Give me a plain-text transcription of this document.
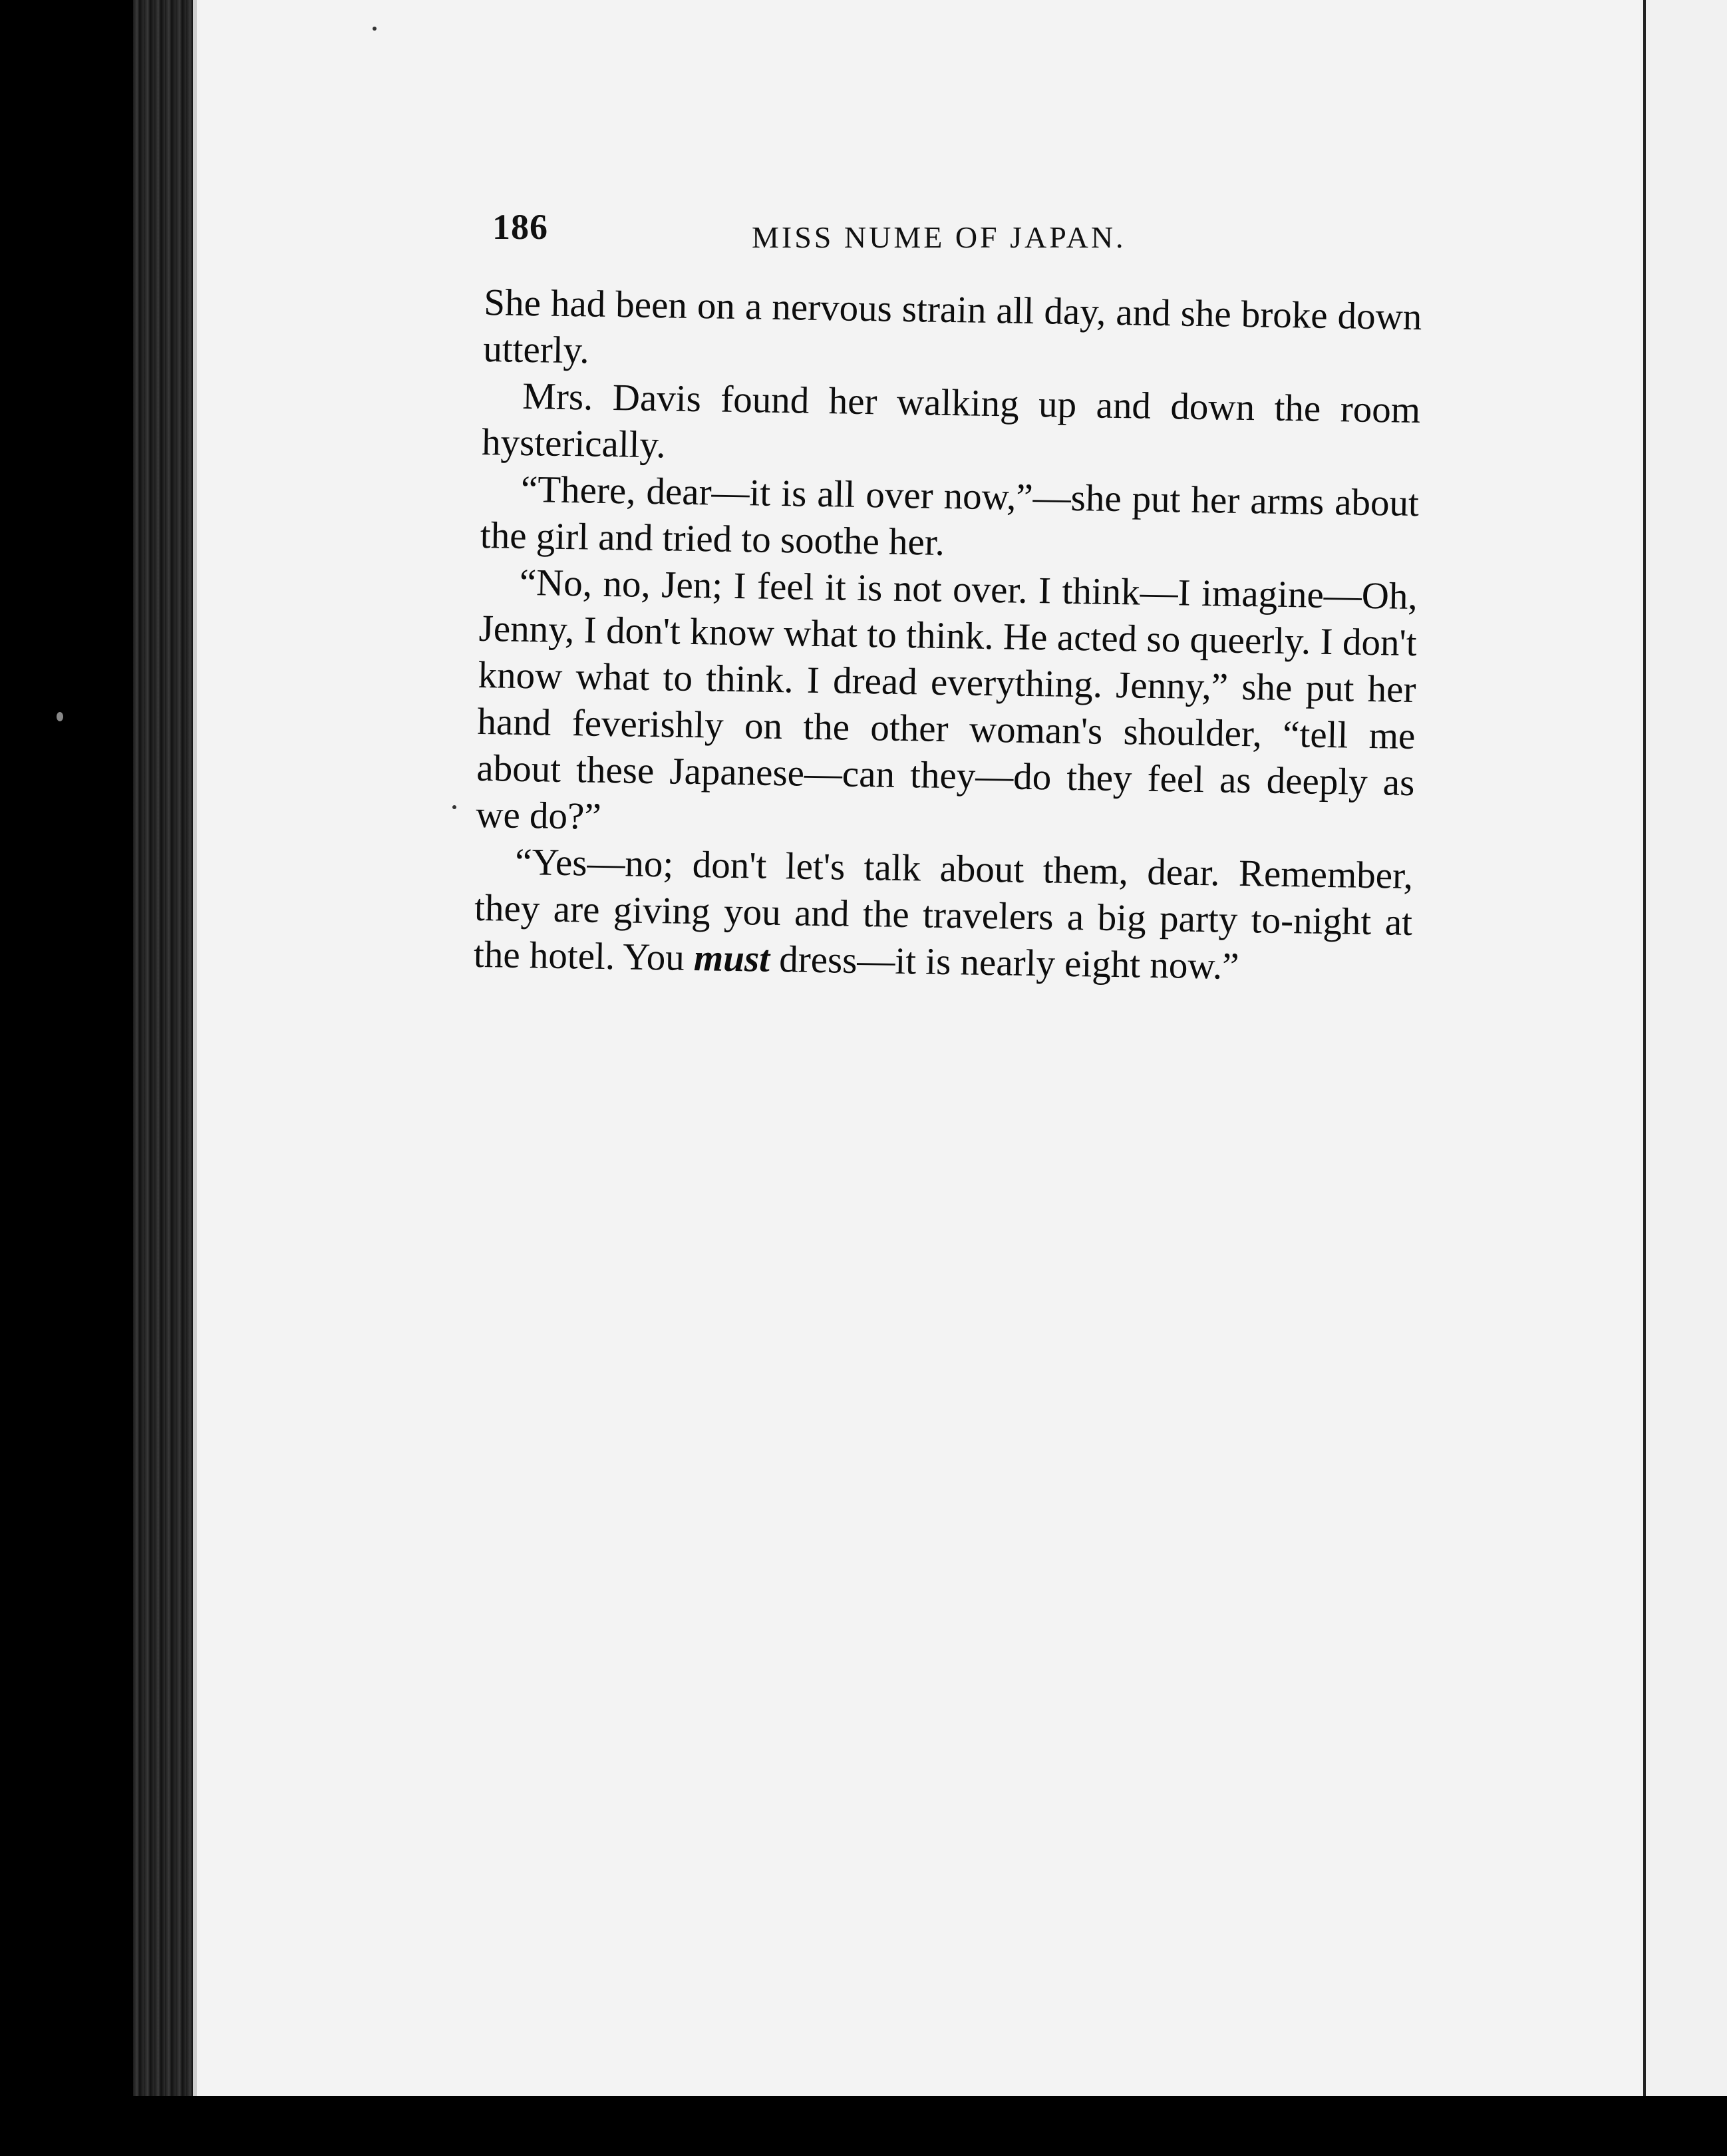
186	MISS NUME OF JAPAN.

She had been on a nervous strain all day, and she broke down utterly.

Mrs. Davis found her walking up and down the room hysterically.

“There, dear—it is all over now,”—she put her arms about the girl and tried to soothe her.

“No, no, Jen; I feel it is not over. I think—I imagine—Oh, Jenny, I don't know what to think. He acted so queerly. I don't know what to think. I dread everything. Jenny,” she put her hand feverishly on the other woman's shoulder, “tell me about these Japanese—can they—do they feel as deeply as we do?”

“Yes—no; don't let's talk about them, dear. Remember, they are giving you and the travelers a big party to-night at the hotel. You must dress—it is nearly eight now.”
